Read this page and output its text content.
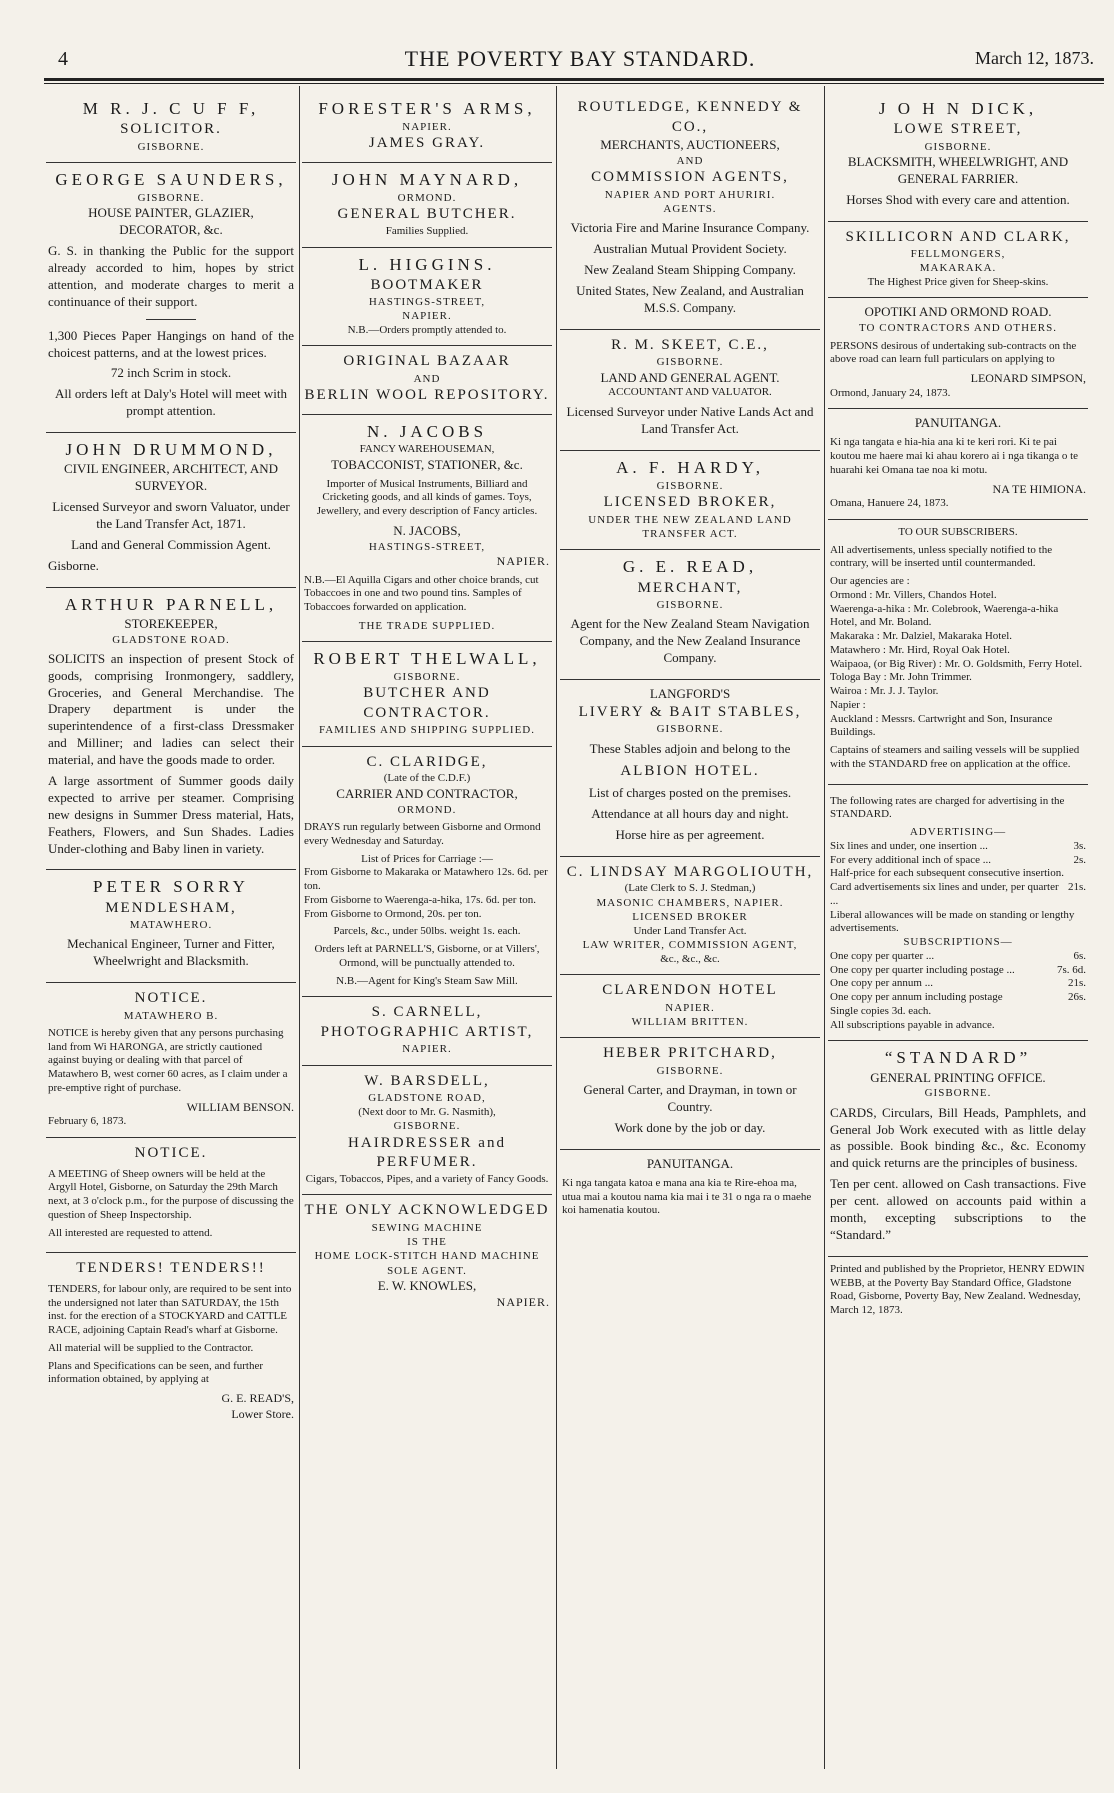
4	THE POVERTY BAY STANDARD.	March 12, 1873.
M R. J. C U F F,
SOLICITOR.
GISBORNE.
GEORGE SAUNDERS,
GISBORNE.
HOUSE PAINTER, GLAZIER,
DECORATOR, &c.

G. S. in thanking the Public for the support already accorded to him, hopes by strict attention, and moderate charges to merit a continuance of their support.

1,300 Pieces Paper Hangings on hand of the choicest patterns, and at the lowest prices.

72 inch Scrim in stock.

All orders left at Daly's Hotel will meet with prompt attention.

JOHN DRUMMOND,
CIVIL ENGINEER, ARCHITECT, AND SURVEYOR.

Licensed Surveyor and sworn Valuator, under the Land Transfer Act, 1871.

Land and General Commission Agent.

Gisborne.

ARTHUR PARNELL,
STOREKEEPER,
GLADSTONE ROAD.

SOLICITS an inspection of present Stock of goods, comprising Ironmongery, saddlery, Groceries, and General Merchandise. The Drapery department is under the superintendence of a first-class Dressmaker and Milliner; and ladies can select their material, and have the goods made to order.

A large assortment of Summer goods daily expected to arrive per steamer. Comprising new designs in Summer Dress material, Hats, Feathers, Flowers, and Sun Shades. Ladies Under-clothing and Baby linen in variety.

PETER SORRY
MENDLESHAM,
MATAWHERO.

Mechanical Engineer, Turner and Fitter, Wheelwright and Blacksmith.

NOTICE.
MATAWHERO B.

NOTICE is hereby given that any persons purchasing land from Wi HARONGA, are strictly cautioned against buying or dealing with that parcel of Matawhero B, west corner 60 acres, as I claim under a pre-emptive right of purchase.

WILLIAM BENSON.
February 6, 1873.
NOTICE.

A MEETING of Sheep owners will be held at the Argyll Hotel, Gisborne, on Saturday the 29th March next, at 3 o'clock p.m., for the purpose of discussing the question of Sheep Inspectorship.

All interested are requested to attend.

TENDERS! TENDERS!!

TENDERS, for labour only, are required to be sent into the undersigned not later than SATURDAY, the 15th inst. for the erection of a STOCKYARD and CATTLE RACE, adjoining Captain Read's wharf at Gisborne.

All material will be supplied to the Contractor.

Plans and Specifications can be seen, and further information obtained, by applying at

G. E. READ'S,
Lower Store.
FORESTER'S ARMS,
NAPIER.
JAMES GRAY.
JOHN MAYNARD,
ORMOND.
GENERAL BUTCHER.
Families Supplied.
L. HIGGINS.
BOOTMAKER
HASTINGS-STREET,
NAPIER.
N.B.—Orders promptly attended to.
ORIGINAL BAZAAR
AND
BERLIN WOOL REPOSITORY.
N. JACOBS
FANCY WAREHOUSEMAN,
TOBACCONIST, STATIONER, &c.

Importer of Musical Instruments, Billiard and Cricketing goods, and all kinds of games. Toys, Jewellery, and every description of Fancy articles.

N. JACOBS,
HASTINGS-STREET,
NAPIER.

N.B.—El Aquilla Cigars and other choice brands, cut Tobaccoes in one and two pound tins. Samples of Tobaccoes forwarded on application.

THE TRADE SUPPLIED.
ROBERT THELWALL,
GISBORNE.
BUTCHER AND CONTRACTOR.
FAMILIES AND SHIPPING SUPPLIED.
C. CLARIDGE,
(Late of the C.D.F.)
CARRIER AND CONTRACTOR,
ORMOND.

DRAYS run regularly between Gisborne and Ormond every Wednesday and Saturday.

List of Prices for Carriage :—
From Gisborne to Makaraka or Matawhero 12s. 6d. per ton.
From Gisborne to Waerenga-a-hika, 17s. 6d. per ton.
From Gisborne to Ormond, 20s. per ton.

Parcels, &c., under 50lbs. weight 1s. each.

Orders left at PARNELL'S, Gisborne, or at Villers', Ormond, will be punctually attended to.

N.B.—Agent for King's Steam Saw Mill.
S. CARNELL,
PHOTOGRAPHIC ARTIST,
NAPIER.
W. BARSDELL,
GLADSTONE ROAD,
(Next door to Mr. G. Nasmith),
GISBORNE.
HAIRDRESSER and PERFUMER.
Cigars, Tobaccos, Pipes, and a variety of Fancy Goods.
THE ONLY ACKNOWLEDGED
SEWING MACHINE
IS THE
HOME LOCK-STITCH HAND MACHINE
SOLE AGENT.
E. W. KNOWLES,
NAPIER.
ROUTLEDGE, KENNEDY & CO.,
MERCHANTS, AUCTIONEERS,
AND
COMMISSION AGENTS,
NAPIER AND PORT AHURIRI.
AGENTS.

Victoria Fire and Marine Insurance Company.

Australian Mutual Provident Society.

New Zealand Steam Shipping Company.

United States, New Zealand, and Australian M.S.S. Company.

R. M. SKEET, C.E.,
GISBORNE.
LAND AND GENERAL AGENT.
ACCOUNTANT AND VALUATOR.

Licensed Surveyor under Native Lands Act and Land Transfer Act.

A. F. HARDY,
GISBORNE.
LICENSED BROKER,
UNDER THE NEW ZEALAND LAND TRANSFER ACT.
G. E. READ,
MERCHANT,
GISBORNE.

Agent for the New Zealand Steam Navigation Company, and the New Zealand Insurance Company.

LANGFORD'S
LIVERY & BAIT STABLES,
GISBORNE.

These Stables adjoin and belong to the

ALBION HOTEL.

List of charges posted on the premises.

Attendance at all hours day and night.

Horse hire as per agreement.

C. LINDSAY MARGOLIOUTH,
(Late Clerk to S. J. Stedman,)
MASONIC CHAMBERS, NAPIER.
LICENSED BROKER
Under Land Transfer Act.
LAW WRITER, COMMISSION AGENT,
&c., &c., &c.
CLARENDON HOTEL
NAPIER.
WILLIAM BRITTEN.
HEBER PRITCHARD,
GISBORNE.

General Carter, and Drayman, in town or Country.

Work done by the job or day.

PANUITANGA.

Ki nga tangata katoa e mana ana kia te Rire-ehoa ma, utua mai a koutou nama kia mai i te 31 o nga ra o maehe koi hamenatia koutou.

J O H N DICK,
LOWE STREET,
GISBORNE.
BLACKSMITH, WHEELWRIGHT, AND GENERAL FARRIER.

Horses Shod with every care and attention.

SKILLICORN AND CLARK,
FELLMONGERS,
MAKARAKA.
The Highest Price given for Sheep-skins.
OPOTIKI AND ORMOND ROAD.
TO CONTRACTORS AND OTHERS.

PERSONS desirous of undertaking sub-contracts on the above road can learn full particulars on applying to

LEONARD SIMPSON,
Ormond, January 24, 1873.
PANUITANGA.

Ki nga tangata e hia-hia ana ki te keri rori. Ki te pai koutou me haere mai ki ahau korero ai i nga tikanga o te huarahi kei Omana tae noa ki motu.

NA TE HIMIONA.
Omana, Hanuere 24, 1873.
TO OUR SUBSCRIBERS.

All advertisements, unless specially notified to the contrary, will be inserted until countermanded.

Our agencies are :
Ormond : Mr. Villers, Chandos Hotel.
Waerenga-a-hika : Mr. Colebrook, Waerenga-a-hika Hotel, and Mr. Boland.
Makaraka : Mr. Dalziel, Makaraka Hotel.
Matawhero : Mr. Hird, Royal Oak Hotel.
Waipaoa, (or Big River) : Mr. O. Goldsmith, Ferry Hotel.
Tologa Bay : Mr. John Trimmer.
Wairoa : Mr. J. J. Taylor.
Napier :
Auckland : Messrs. Cartwright and Son, Insurance Buildings.

Captains of steamers and sailing vessels will be supplied with the STANDARD free on application at the office.

The following rates are charged for advertising in the STANDARD.

ADVERTISING—
Six lines and under, one insertion ...	3s.
For every additional inch of space ...	2s.
Half-price for each subsequent consecutive insertion.
Card advertisements six lines and under, per quarter ...
21s.
Liberal allowances will be made on standing or lengthy advertisements.
SUBSCRIPTIONS—
One copy per quarter ...	6s.
One copy per quarter including postage ...	7s. 6d.
One copy per annum ...	21s.
One copy per annum including postage	26s.
Single copies 3d. each.
All subscriptions payable in advance.
“STANDARD”
GENERAL PRINTING OFFICE.
GISBORNE.

CARDS, Circulars, Bill Heads, Pamphlets, and General Job Work executed with as little delay as possible. Book binding &c., &c. Economy and quick returns are the principles of business.

Ten per cent. allowed on Cash transactions. Five per cent. allowed on accounts paid within a month, excepting subscriptions to the “Standard.”

Printed and published by the Proprietor, HENRY EDWIN WEBB, at the Poverty Bay Standard Office, Gladstone Road, Gisborne, Poverty Bay, New Zealand. Wednesday, March 12, 1873.
